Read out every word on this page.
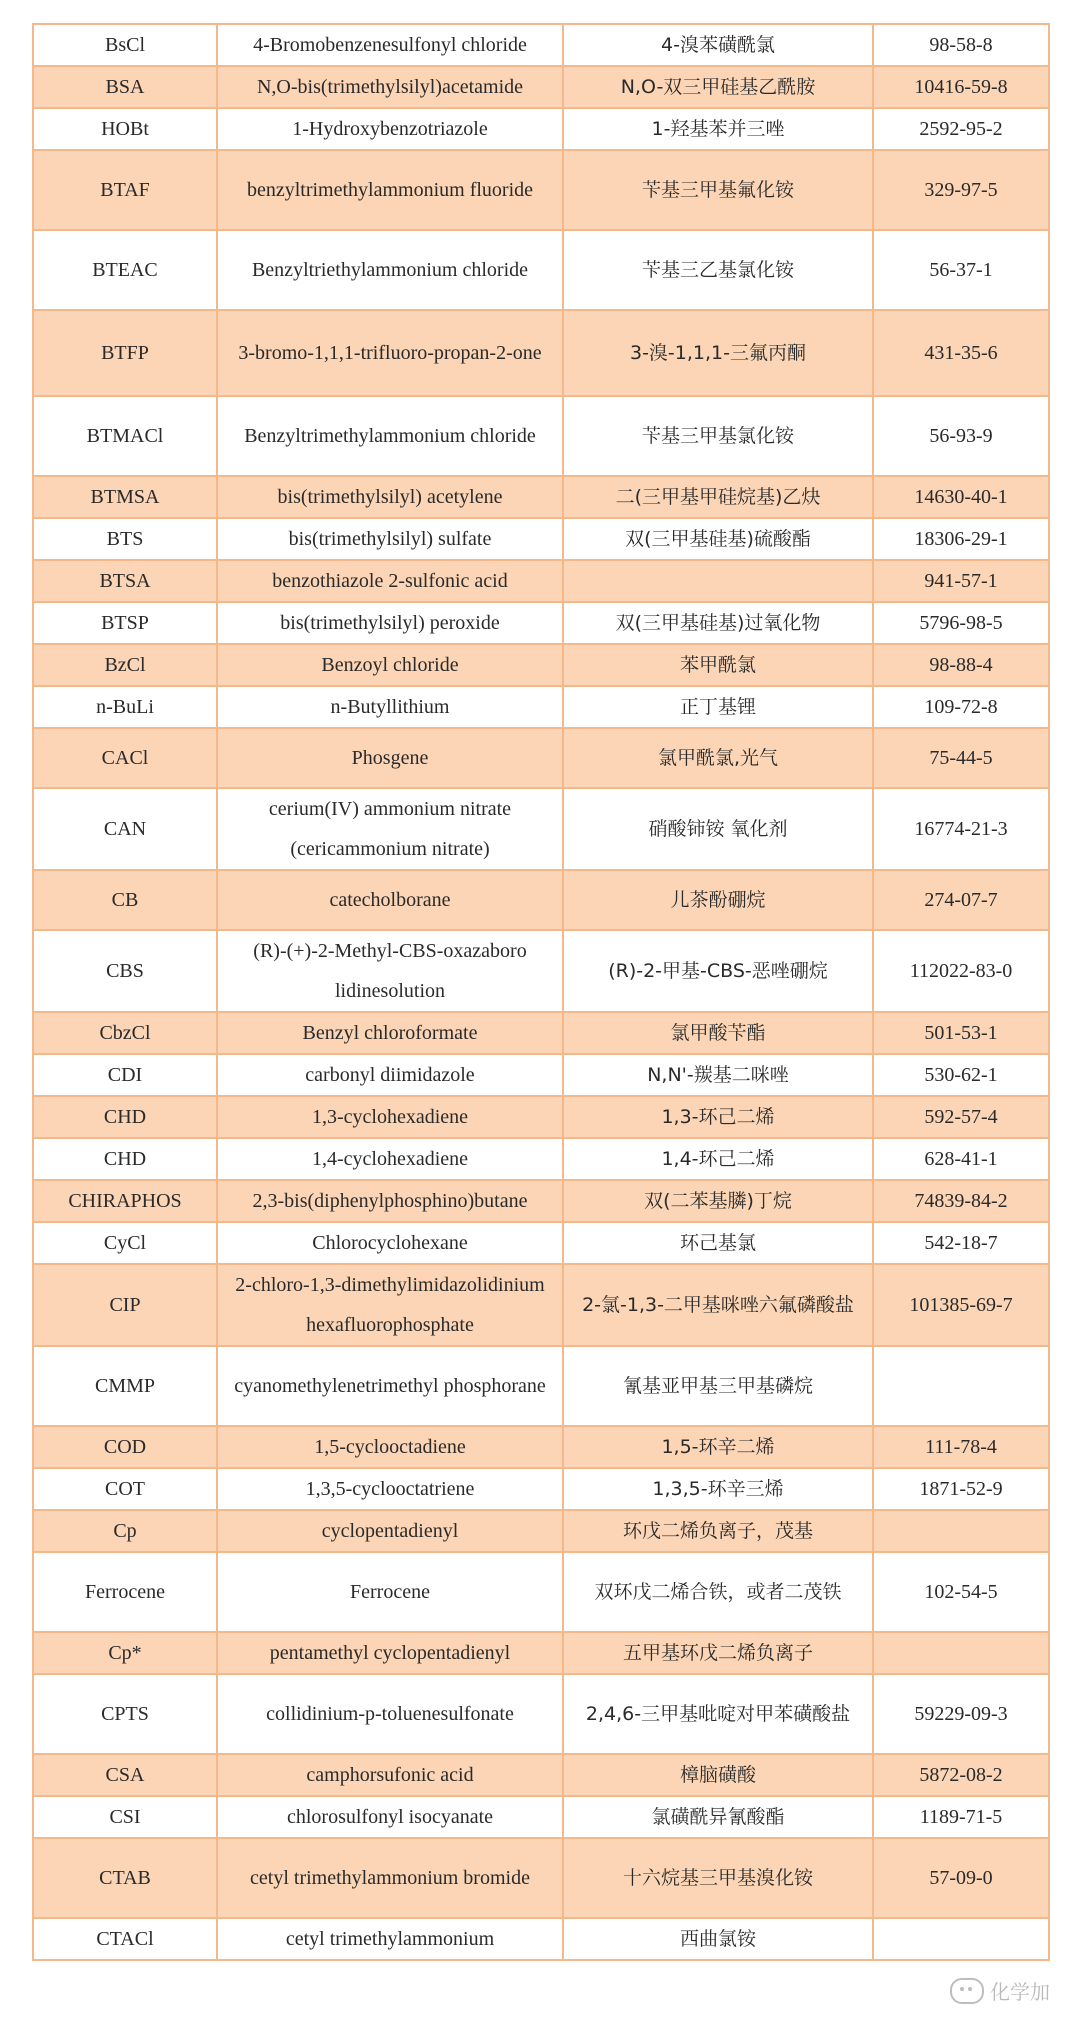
BsCl	4-Bromobenzenesulfonyl chloride	4-溴苯磺酰氯	98-58-8
BSA	N,O-bis(trimethylsilyl)acetamide	N,O-双三甲硅基乙酰胺	10416-59-8
HOBt	1-Hydroxybenzotriazole	1-羟基苯并三唑	2592-95-2
BTAF	benzyltrimethylammonium fluoride	苄基三甲基氟化铵	329-97-5
BTEAC	Benzyltriethylammonium chloride	苄基三乙基氯化铵	56-37-1
BTFP	3-bromo-1,1,1-trifluoro-propan-2-one	3-溴-1,1,1-三氟丙酮	431-35-6
BTMACl	Benzyltrimethylammonium chloride	苄基三甲基氯化铵	56-93-9
BTMSA	bis(trimethylsilyl) acetylene	二(三甲基甲硅烷基)乙炔	14630-40-1
BTS	bis(trimethylsilyl) sulfate	双(三甲基硅基)硫酸酯	18306-29-1
BTSA	benzothiazole 2-sulfonic acid		941-57-1
BTSP	bis(trimethylsilyl) peroxide	双(三甲基硅基)过氧化物	5796-98-5
BzCl	Benzoyl chloride	苯甲酰氯	98-88-4
n-BuLi	n-Butyllithium	正丁基锂	109-72-8
CACl	Phosgene	氯甲酰氯,光气	75-44-5
CAN	cerium(IV) ammonium nitrate (cericammonium nitrate)	硝酸铈铵 氧化剂	16774-21-3
CB	catecholborane	儿茶酚硼烷	274-07-7
CBS	(R)-(+)-2-Methyl-CBS-oxazaboro lidinesolution	(R)-2-甲基-CBS-恶唑硼烷	112022-83-0
CbzCl	Benzyl chloroformate	氯甲酸苄酯	501-53-1
CDI	carbonyl diimidazole	N,N'-羰基二咪唑	530-62-1
CHD	1,3-cyclohexadiene	1,3-环己二烯	592-57-4
CHD	1,4-cyclohexadiene	1,4-环己二烯	628-41-1
CHIRAPHOS	2,3-bis(diphenylphosphino)butane	双(二苯基膦)丁烷	74839-84-2
CyCl	Chlorocyclohexane	环己基氯	542-18-7
CIP	2-chloro-1,3-dimethylimidazolidinium hexafluorophosphate	2-氯-1,3-二甲基咪唑六氟磷酸盐	101385-69-7
CMMP	cyanomethylenetrimethyl phosphorane	氰基亚甲基三甲基磷烷	
COD	1,5-cyclooctadiene	1,5-环辛二烯	111-78-4
COT	1,3,5-cyclooctatriene	1,3,5-环辛三烯	1871-52-9
Cp	cyclopentadienyl	环戊二烯负离子，茂基	
Ferrocene	Ferrocene	双环戊二烯合铁，或者二茂铁	102-54-5
Cp*	pentamethyl cyclopentadienyl	五甲基环戊二烯负离子	
CPTS	collidinium-p-toluenesulfonate	2,4,6-三甲基吡啶对甲苯磺酸盐	59229-09-3
CSA	camphorsufonic acid	樟脑磺酸	5872-08-2
CSI	chlorosulfonyl isocyanate	氯磺酰异氰酸酯	1189-71-5
CTAB	cetyl trimethylammonium bromide	十六烷基三甲基溴化铵	57-09-0
CTACl	cetyl trimethylammonium	西曲氯铵	
化学加
